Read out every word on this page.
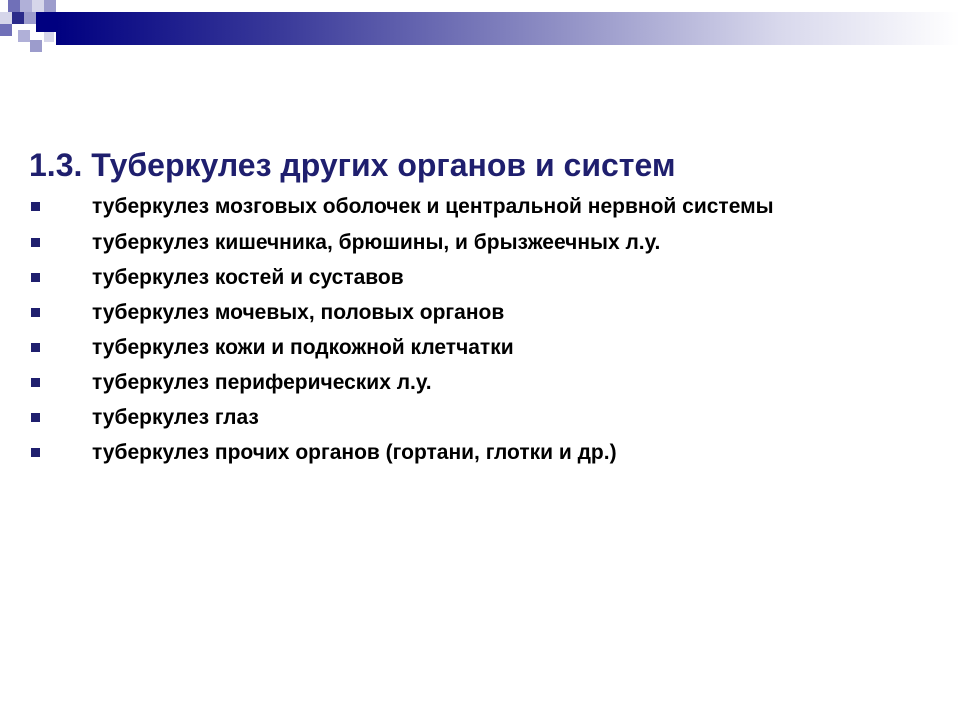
1.3. Туберкулез других органов и систем
туберкулез мозговых оболочек и центральной нервной системы
туберкулез кишечника, брюшины, и брызжеечных л.у.
туберкулез костей и суставов
туберкулез мочевых, половых органов
туберкулез кожи и подкожной клетчатки
туберкулез периферических л.у.
туберкулез глаз
туберкулез прочих органов (гортани, глотки и др.)
